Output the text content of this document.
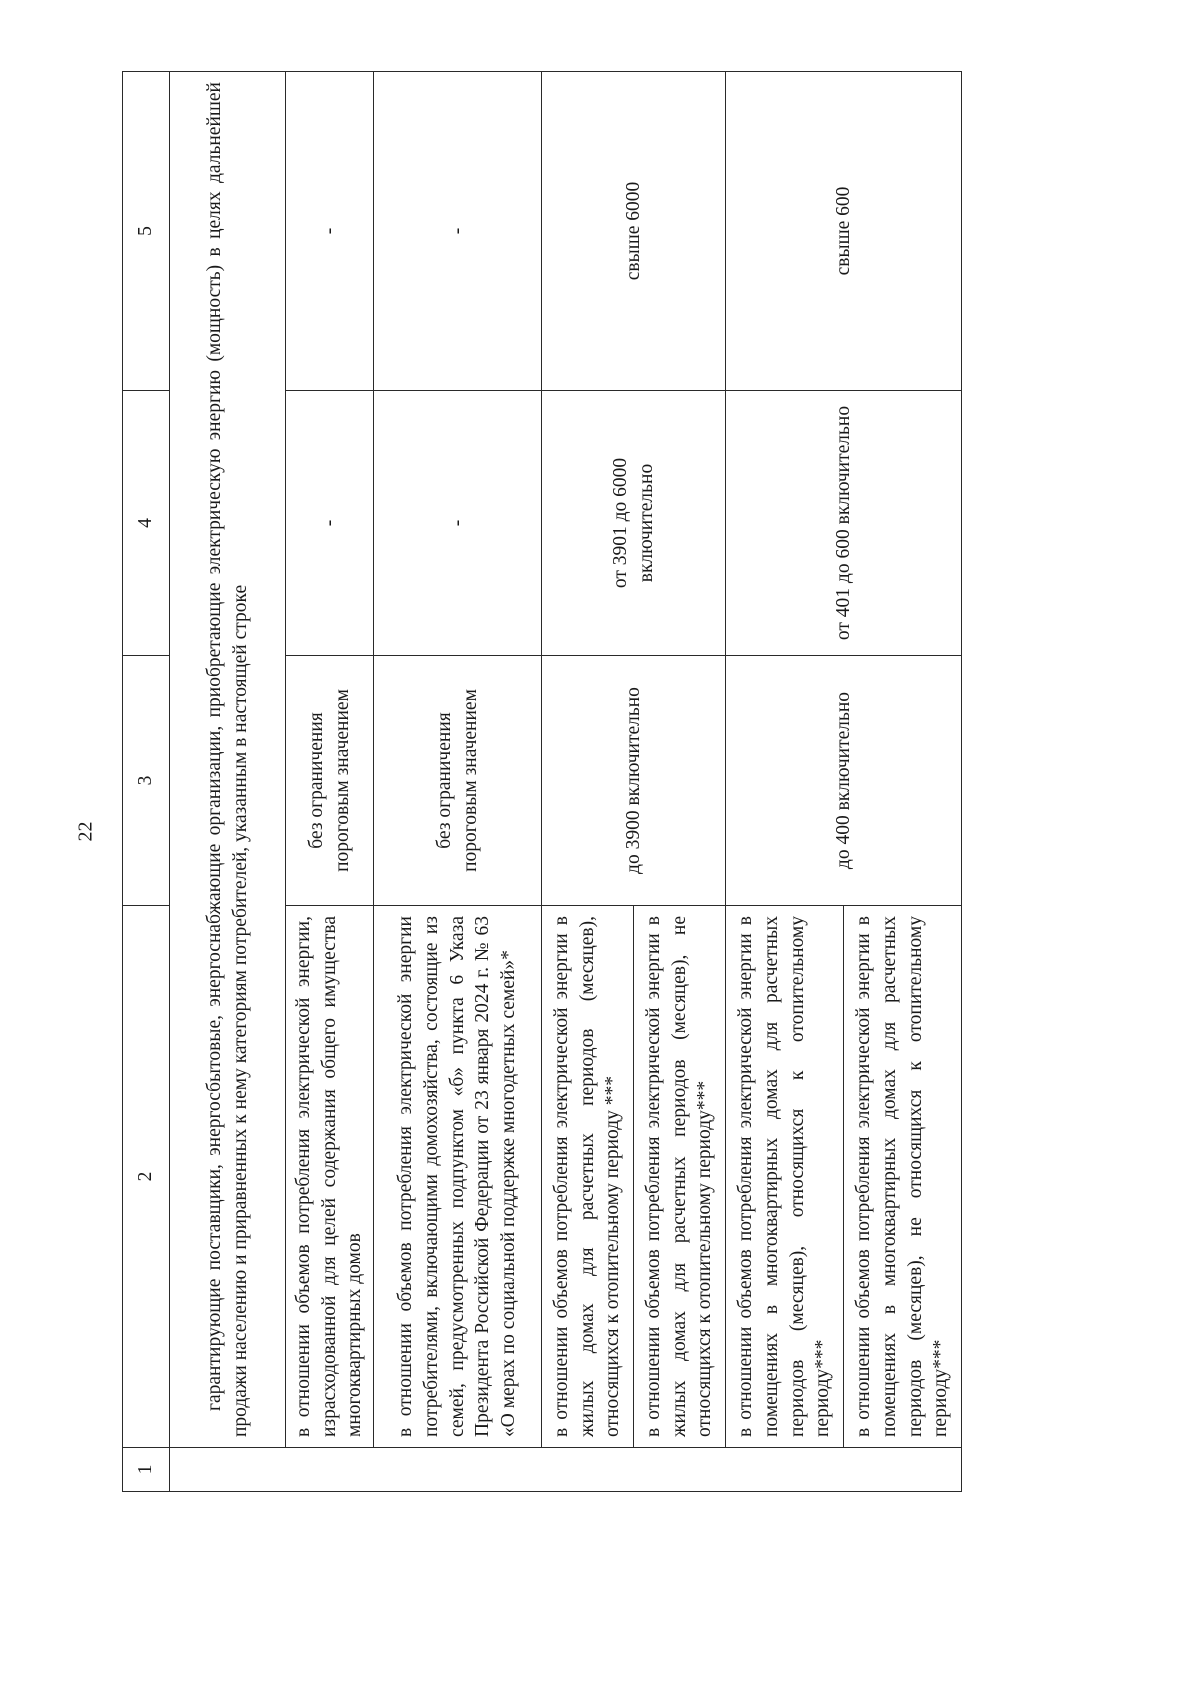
22
1	2	3	4	5
	гарантирующие поставщики, энергосбытовые, энергоснабжающие организации, приобретающие электрическую энергию (мощность) в целях дальнейшей продажи населению и приравненных к нему категориям потребителей, указанным в настоящей строке			
	в отношении объемов потребления электрической энергии, израсходованной для целей содержания общего имущества многоквартирных домов	без ограничения пороговым значением	-	-
	в отношении объемов потребления электрической энергии потребителями, включающими домохозяйства, состоящие из семей, предусмотренных подпунктом «б» пункта 6 Указа Президента Российской Федерации от 23 января 2024 г. № 63 «О мерах по социальной поддержке многодетных семей»*	без ограничения пороговым значением	-	-
	в отношении объемов потребления электрической энергии в жилых домах для расчетных периодов (месяцев), относящихся к отопительному периоду ***	до 3900 включительно	от 3901 до 6000 включительно	свыше 6000
	в отношении объемов потребления электрической энергии в жилых домах для расчетных периодов (месяцев), не относящихся к отопительному периоду***			
	в отношении объемов потребления электрической энергии в помещениях в многоквартирных домах для расчетных периодов (месяцев), относящихся к отопительному периоду***	до 400 включительно	от 401 до 600 включительно	свыше 600
	в отношении объемов потребления электрической энергии в помещениях в многоквартирных домах для расчетных периодов (месяцев), не относящихся к отопительному периоду***			
